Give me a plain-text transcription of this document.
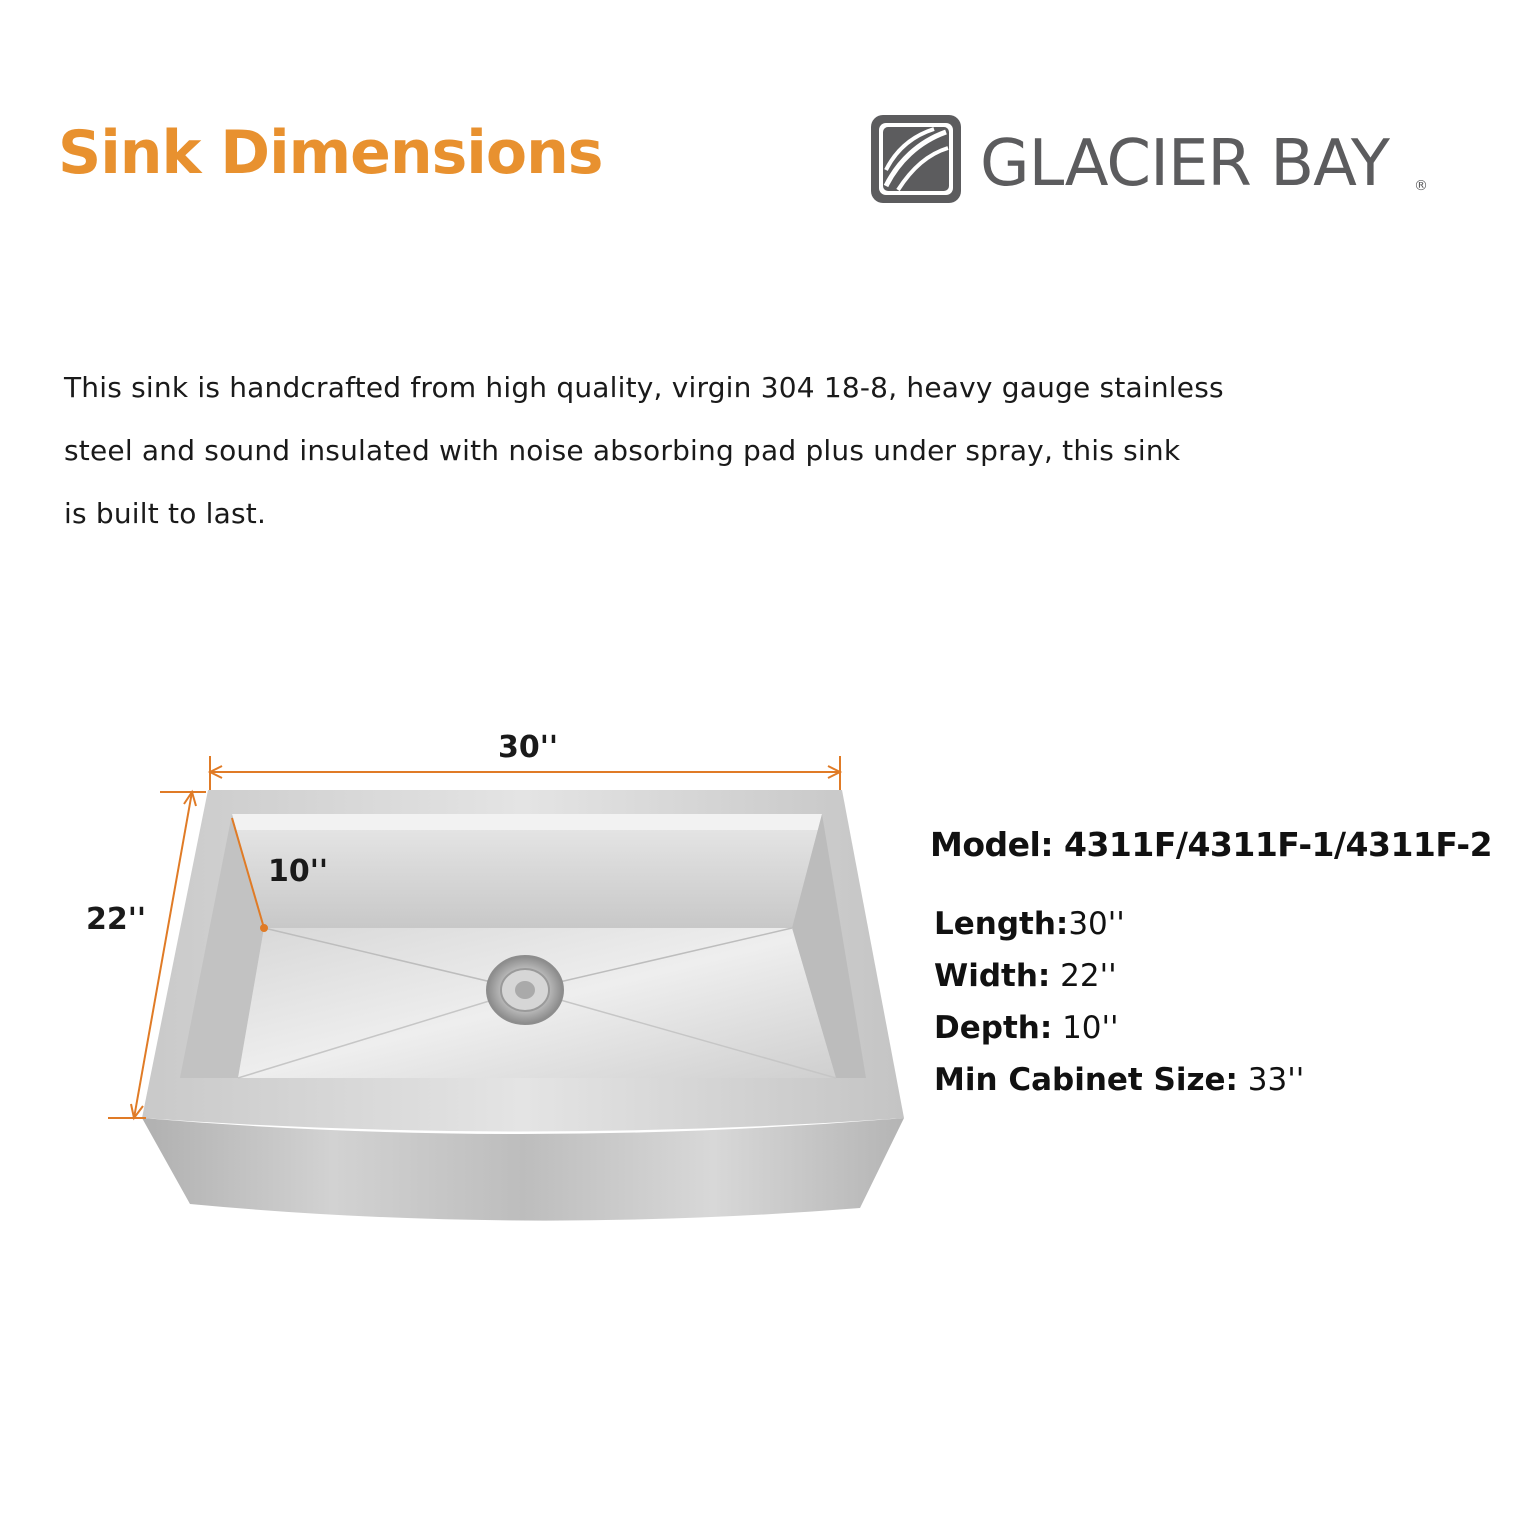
Sink Dimensions	GLACIER BAY ®
This sink is handcrafted from high quality, virgin 304 18-8, heavy gauge stainless
steel and sound insulated with noise absorbing pad plus under spray, this sink
is built to last.
30''
22''
10''
Model: 4311F/4311F-1/4311F-2
Length:30''
Width: 22''
Depth: 10''
Min Cabinet Size: 33''
